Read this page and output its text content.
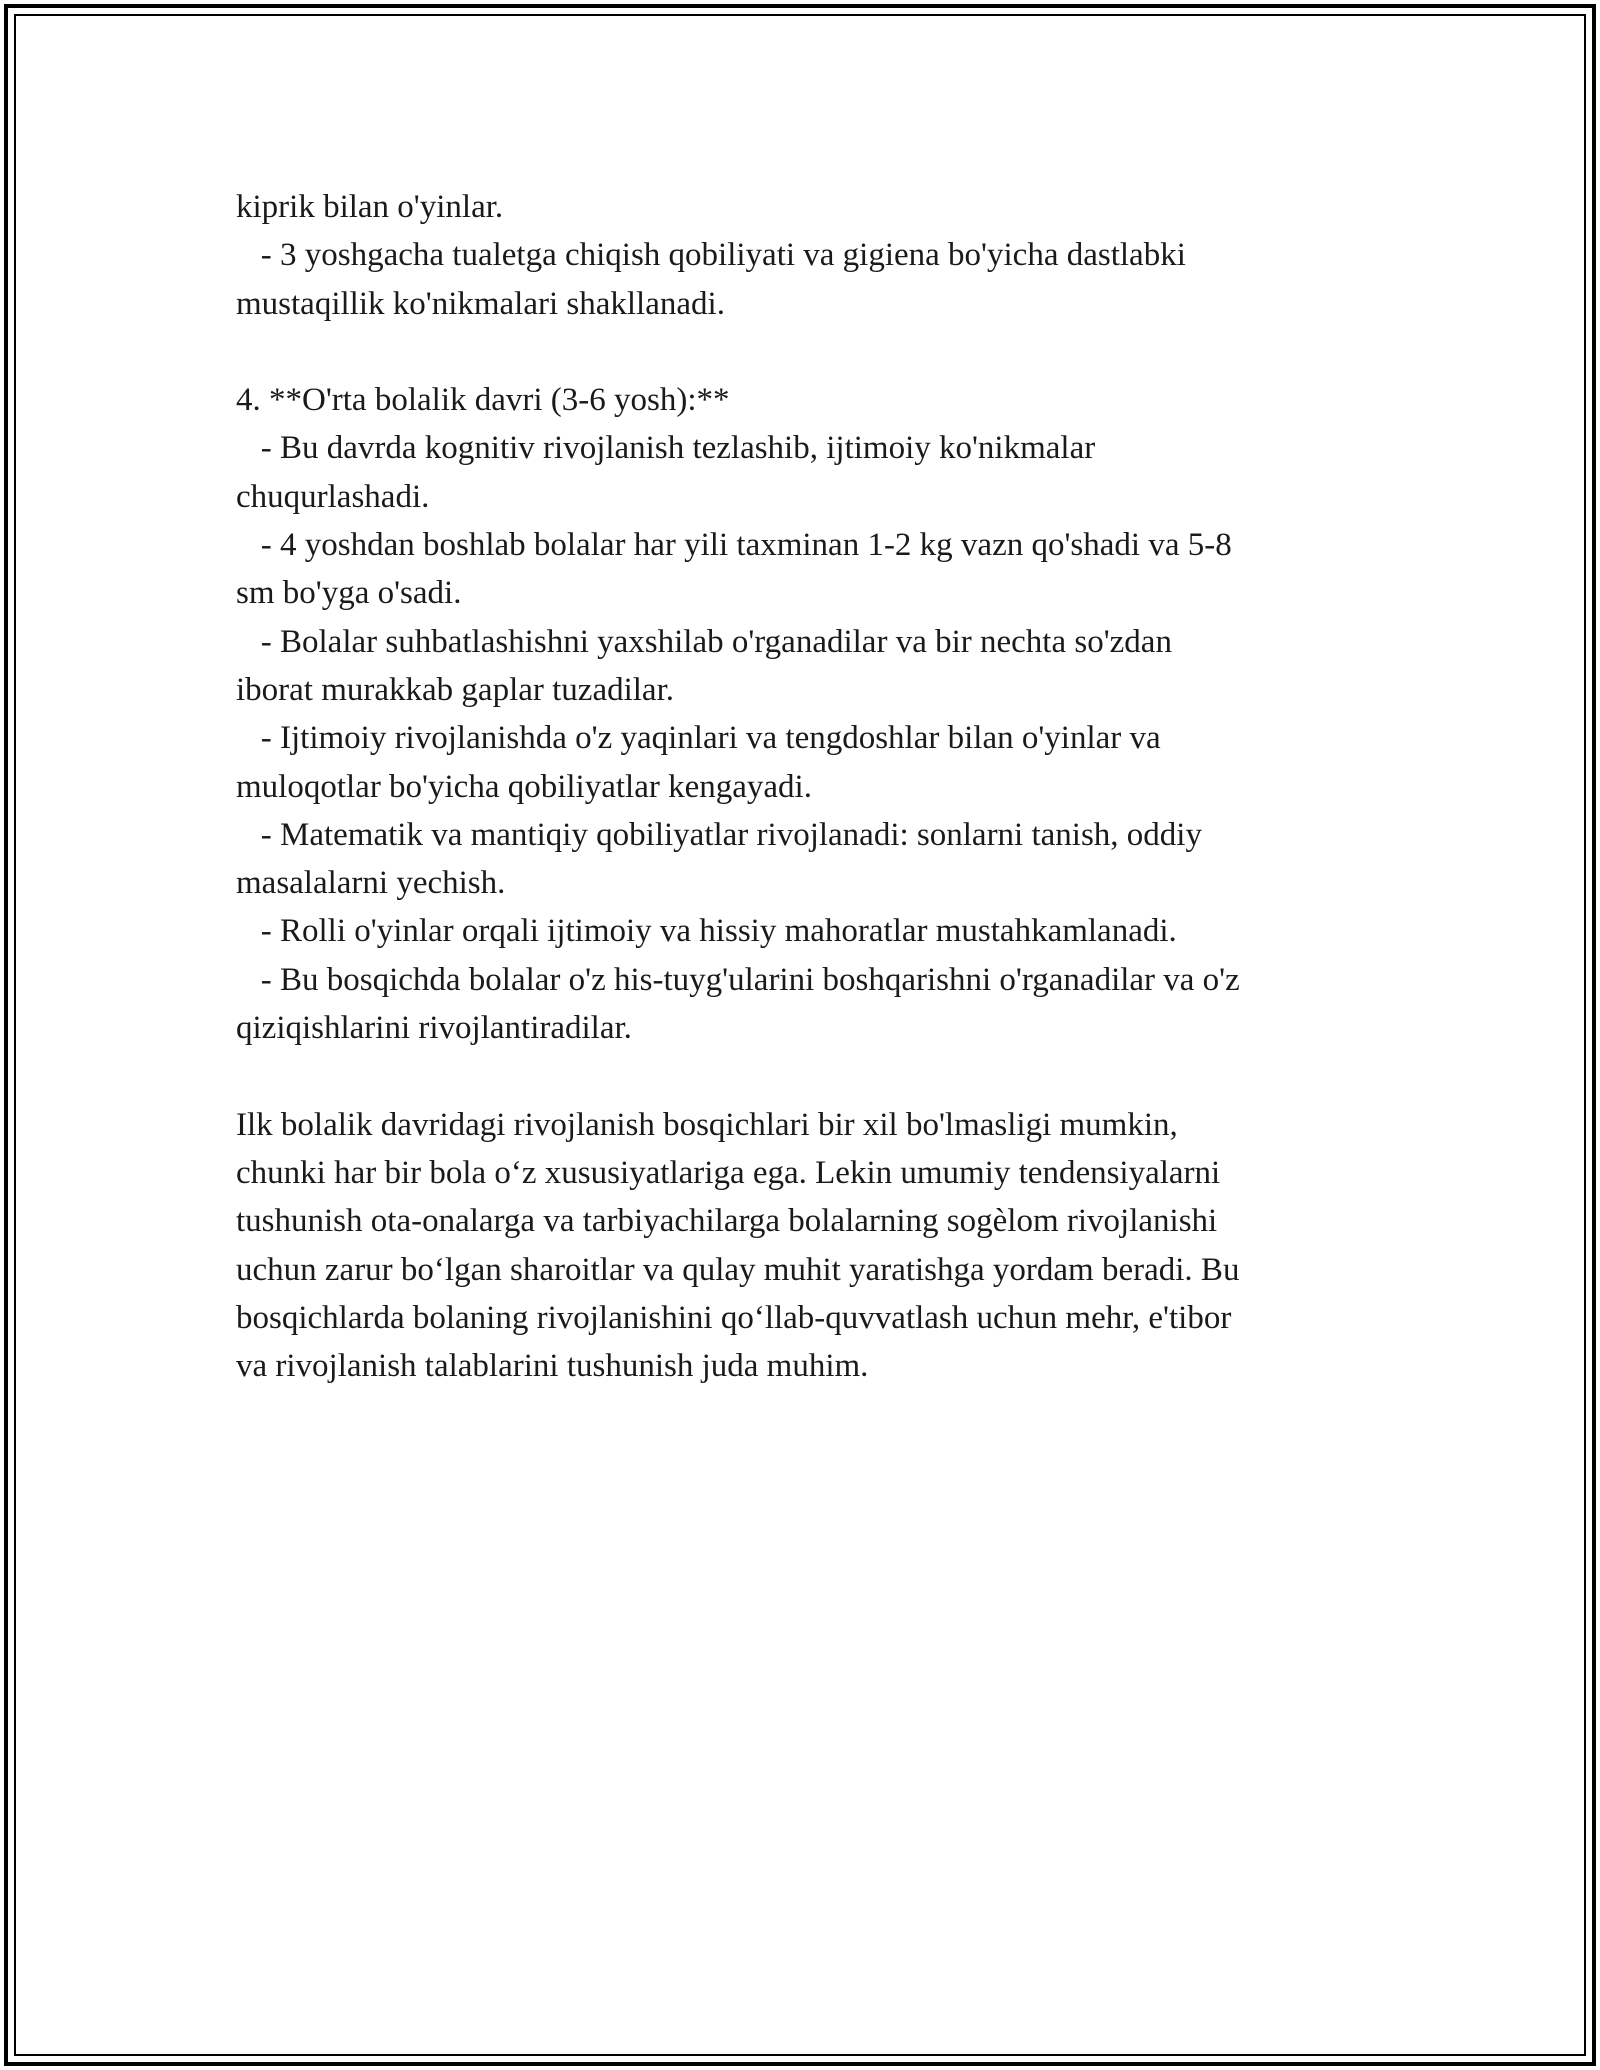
kiprik bilan o'yinlar.
- 3 yoshgacha tualetga chiqish qobiliyati va gigiena bo'yicha dastlabki
mustaqillik ko'nikmalari shakllanadi.
4. **O'rta bolalik davri (3-6 yosh):**
- Bu davrda kognitiv rivojlanish tezlashib, ijtimoiy ko'nikmalar
chuqurlashadi.
- 4 yoshdan boshlab bolalar har yili taxminan 1-2 kg vazn qo'shadi va 5-8
sm bo'yga o'sadi.
- Bolalar suhbatlashishni yaxshilab o'rganadilar va bir nechta so'zdan
iborat murakkab gaplar tuzadilar.
- Ijtimoiy rivojlanishda o'z yaqinlari va tengdoshlar bilan o'yinlar va
muloqotlar bo'yicha qobiliyatlar kengayadi.
- Matematik va mantiqiy qobiliyatlar rivojlanadi: sonlarni tanish, oddiy
masalalarni yechish.
- Rolli o'yinlar orqali ijtimoiy va hissiy mahoratlar mustahkamlanadi.
- Bu bosqichda bolalar o'z his-tuyg'ularini boshqarishni o'rganadilar va o'z
qiziqishlarini rivojlantiradilar.
Ilk bolalik davridagi rivojlanish bosqichlari bir xil bo'lmasligi mumkin,
chunki har bir bola o‘z xususiyatlariga ega. Lekin umumiy tendensiyalarni
tushunish ota-onalarga va tarbiyachilarga bolalarning sogèlom rivojlanishi
uchun zarur bo‘lgan sharoitlar va qulay muhit yaratishga yordam beradi. Bu
bosqichlarda bolaning rivojlanishini qo‘llab-quvvatlash uchun mehr, e'tibor
va rivojlanish talablarini tushunish juda muhim.
